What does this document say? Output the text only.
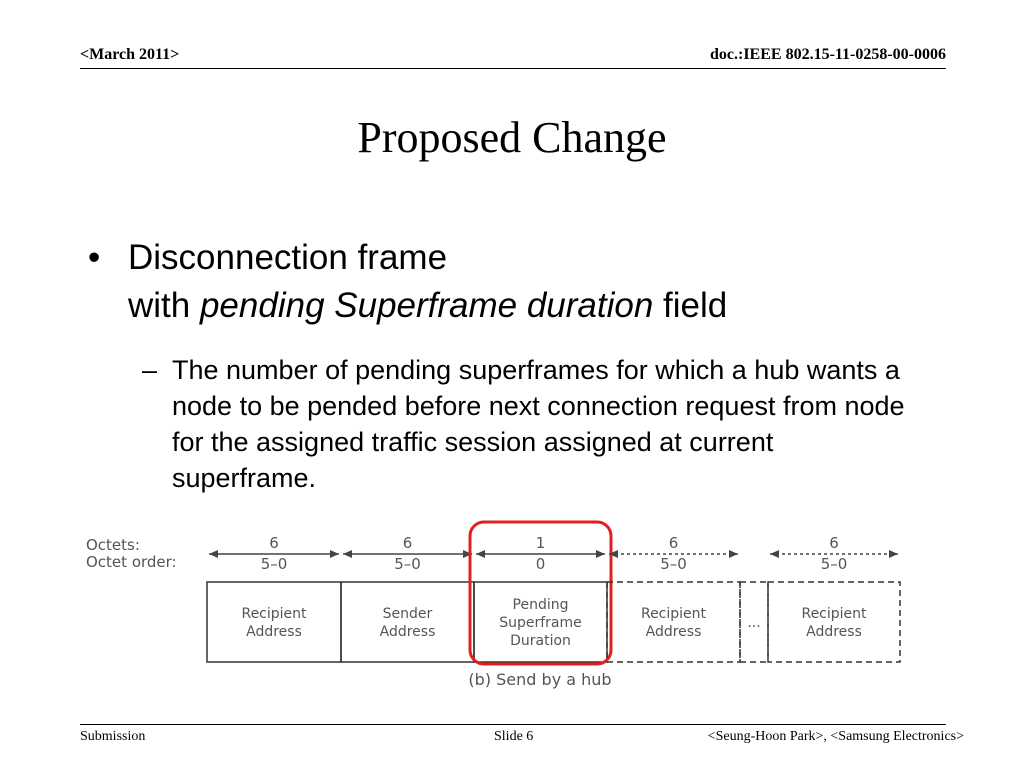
<March 2011>	doc.:IEEE 802.15-11-0258-00-0006
Proposed Change
• Disconnection frame
with pending Superframe duration field
– The number of pending superframes for which a hub wants a node to be pended before next connection request from node for the assigned traffic session assigned at current superframe.
Octets:
Octet order:
6
5–0
Recipient
Address
6
5–0
Sender
Address
1
0
Pending
Superframe
Duration
6
5–0
Recipient
Address
...
6
5–0
Recipient
Address
(b) Send by a hub
Submission	Slide 6	<Seung-Hoon Park>, <Samsung Electronics>
